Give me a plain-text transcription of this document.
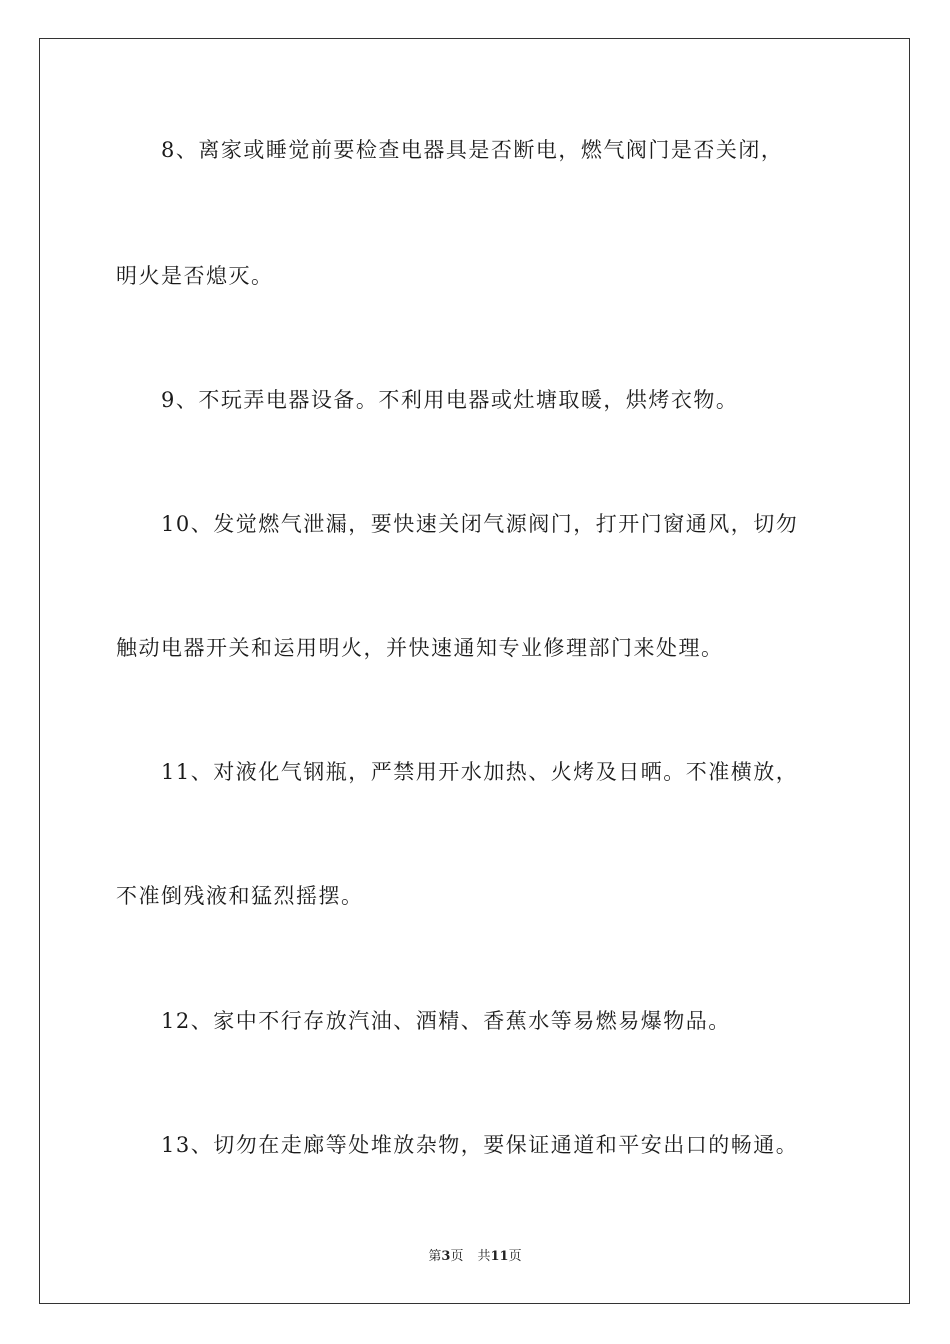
8、离家或睡觉前要检查电器具是否断电，燃气阀门是否关闭，
明火是否熄灭。
9、不玩弄电器设备。不利用电器或灶塘取暖，烘烤衣物。
10、发觉燃气泄漏，要快速关闭气源阀门，打开门窗通风，切勿
触动电器开关和运用明火，并快速通知专业修理部门来处理。
11、对液化气钢瓶，严禁用开水加热、火烤及日晒。不准横放，
不准倒残液和猛烈摇摆。
12、家中不行存放汽油、酒精、香蕉水等易燃易爆物品。
13、切勿在走廊等处堆放杂物，要保证通道和平安出口的畅通。
第3页 共11页
